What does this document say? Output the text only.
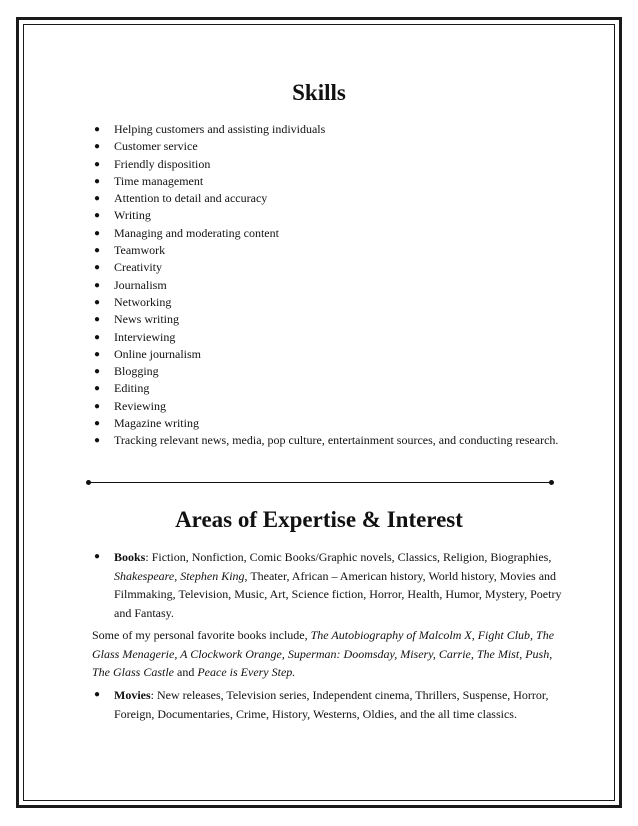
Skills
● Helping customers and assisting individuals
● Customer service
● Friendly disposition
● Time management
● Attention to detail and accuracy
● Writing
● Managing and moderating content
● Teamwork
● Creativity
● Journalism
● Networking
● News writing
● Interviewing
● Online journalism
● Blogging
● Editing
● Reviewing
● Magazine writing
● Tracking relevant news, media, pop culture, entertainment sources, and conducting research.
Areas of Expertise & Interest

● Books: Fiction, Nonfiction, Comic Books/Graphic novels, Classics, Religion, Biographies, Shakespeare, Stephen King, Theater, African – American history, World history, Movies and Filmmaking, Television, Music, Art, Science fiction, Horror, Health, Humor, Mystery, Poetry and Fantasy.

Some of my personal favorite books include, The Autobiography of Malcolm X, Fight Club, The Glass Menagerie, A Clockwork Orange, Superman: Doomsday, Misery, Carrie, The Mist, Push, The Glass Castle and Peace is Every Step.

● Movies: New releases, Television series, Independent cinema, Thrillers, Suspense, Horror, Foreign, Documentaries, Crime, History, Westerns, Oldies, and the all time classics.
